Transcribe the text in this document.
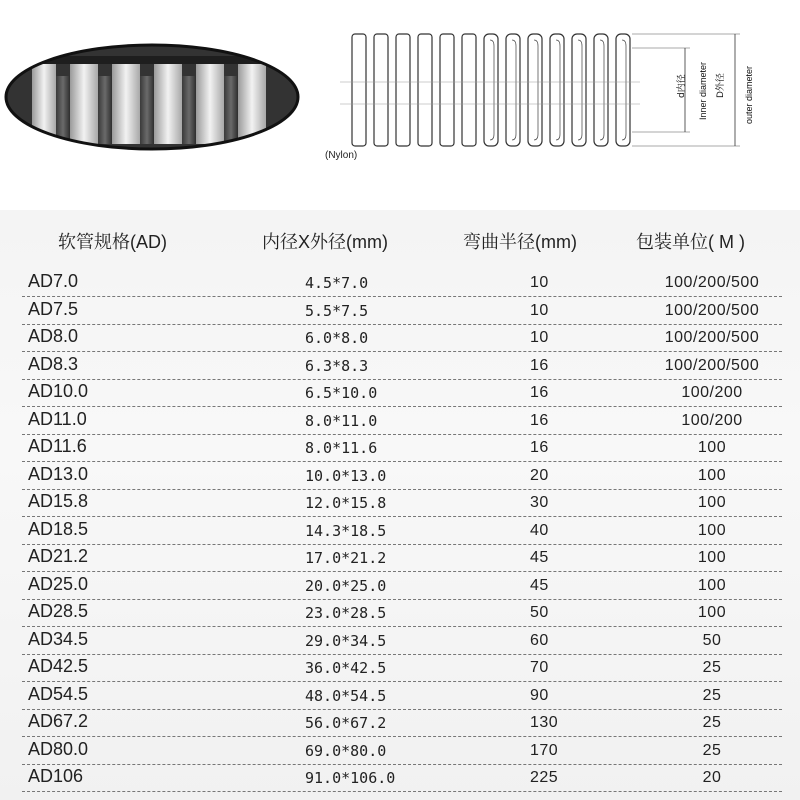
d内径 Inner diameter D外径 outer diameter
(Nylon)
软管规格(AD)	内径X外径(mm)	弯曲半径(mm)	包装单位( M )
AD7.0	4.5*7.0	10	100/200/500
AD7.5	5.5*7.5	10	100/200/500
AD8.0	6.0*8.0	10	100/200/500
AD8.3	6.3*8.3	16	100/200/500
AD10.0	6.5*10.0	16	100/200
AD11.0	8.0*11.0	16	100/200
AD11.6	8.0*11.6	16	100
AD13.0	10.0*13.0	20	100
AD15.8	12.0*15.8	30	100
AD18.5	14.3*18.5	40	100
AD21.2	17.0*21.2	45	100
AD25.0	20.0*25.0	45	100
AD28.5	23.0*28.5	50	100
AD34.5	29.0*34.5	60	50
AD42.5	36.0*42.5	70	25
AD54.5	48.0*54.5	90	25
AD67.2	56.0*67.2	130	25
AD80.0	69.0*80.0	170	25
AD106	91.0*106.0	225	20
